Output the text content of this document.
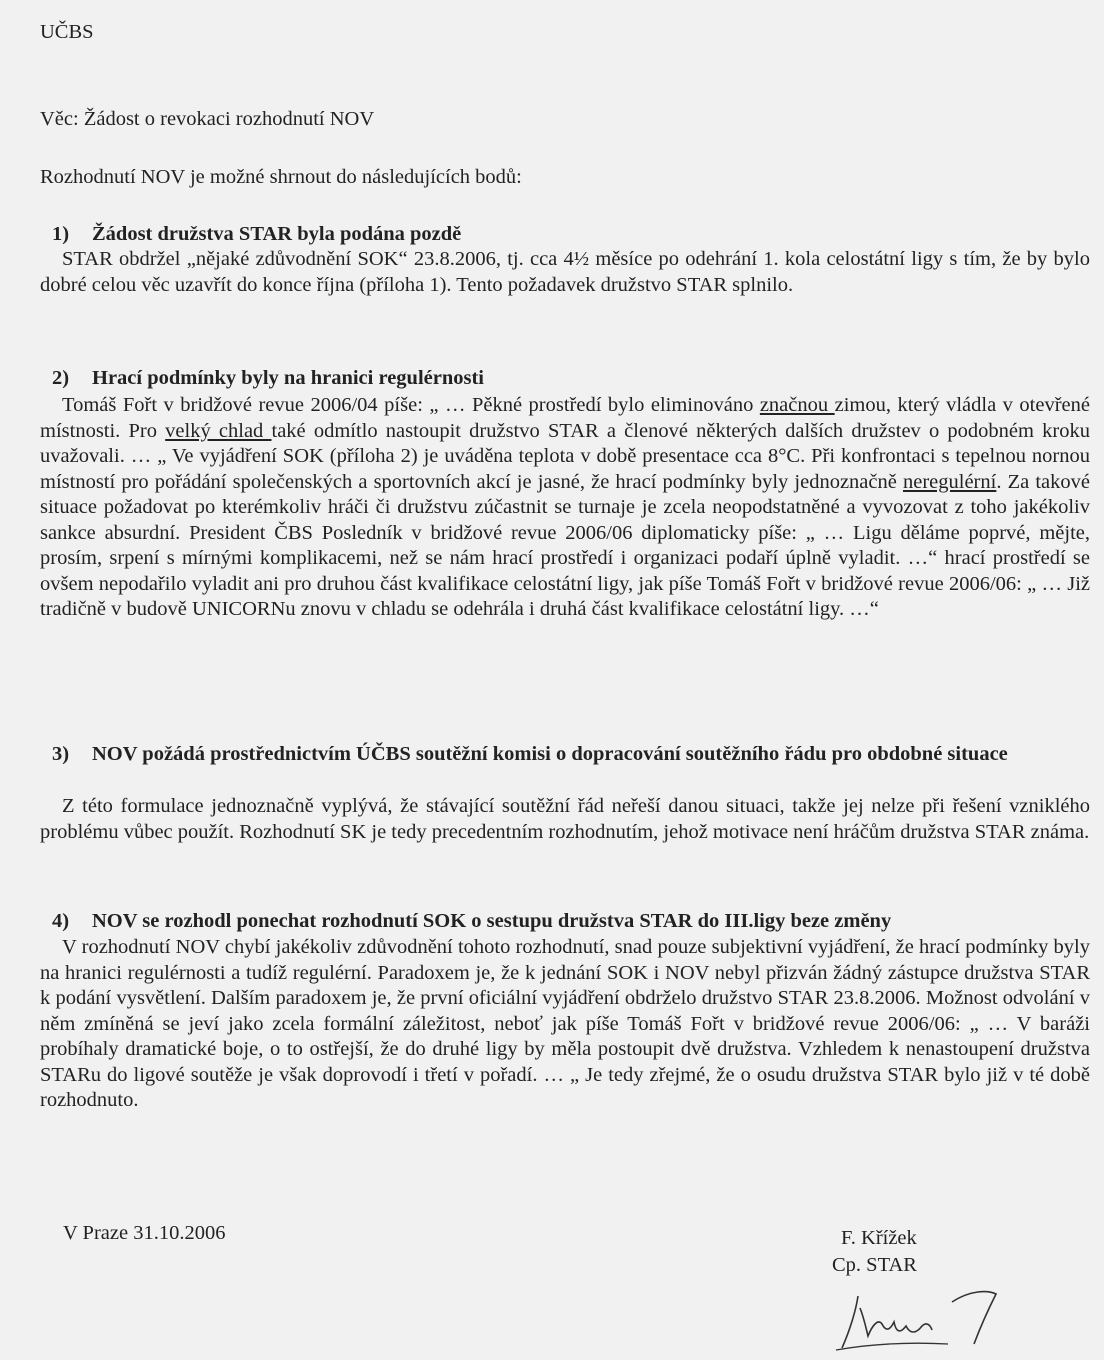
UČBS
Věc: Žádost o revokaci rozhodnutí NOV
Rozhodnutí NOV je možné shrnout do následujících bodů:
1)	Žádost družstva STAR byla podána pozdě
STAR obdržel „nějaké zdůvodnění SOK“ 23.8.2006, tj. cca 4½ měsíce po odehrání 1. kola celostátní ligy s tím, že by bylo dobré celou věc uzavřít do konce října (příloha 1). Tento požadavek družstvo STAR splnilo.
2)	Hrací podmínky byly na hranici regulérnosti
Tomáš Fořt v bridžové revue 2006/04 píše: „ … Pěkné prostředí bylo eliminováno značnou zimou, který vládla v otevřené místnosti. Pro velký chlad také odmítlo nastoupit družstvo STAR a členové některých dalších družstev o podobném kroku uvažovali. … „ Ve vyjádření SOK (příloha 2) je uváděna teplota v době presentace cca 8°C. Při konfrontaci s tepelnou nornou místností pro pořádání společenských a sportovních akcí je jasné, že hrací podmínky byly jednoznačně neregulérní. Za takové situace požadovat po kterémkoliv hráči či družstvu zúčastnit se turnaje je zcela neopodstatněné a vyvozovat z toho jakékoliv sankce absurdní. President ČBS Posledník v bridžové revue 2006/06 diplomaticky píše: „ … Ligu děláme poprvé, mějte, prosím, srpení s mírnými komplikacemi, než se nám hrací prostředí i organizaci podaří úplně vyladit. …“ hrací prostředí se ovšem nepodařilo vyladit ani pro druhou část kvalifikace celostátní ligy, jak píše Tomáš Fořt v bridžové revue 2006/06: „ … Již tradičně v budově UNICORNu znovu v chladu se odehrála i druhá část kvalifikace celostátní ligy. …“
3)	NOV požádá prostřednictvím ÚČBS soutěžní komisi o dopracování soutěžního řádu pro obdobné situace
Z této formulace jednoznačně vyplývá, že stávající soutěžní řád neřeší danou situaci, takže jej nelze při řešení vzniklého problému vůbec použít. Rozhodnutí SK je tedy precedentním rozhodnutím, jehož motivace není hráčům družstva STAR známa.
4)	NOV se rozhodl ponechat rozhodnutí SOK o sestupu družstva STAR do III.ligy beze změny
V rozhodnutí NOV chybí jakékoliv zdůvodnění tohoto rozhodnutí, snad pouze subjektivní vyjádření, že hrací podmínky byly na hranici regulérnosti a tudíž regulérní. Paradoxem je, že k jednání SOK i NOV nebyl přizván žádný zástupce družstva STAR k podání vysvětlení. Dalším paradoxem je, že první oficiální vyjádření obdrželo družstvo STAR 23.8.2006. Možnost odvolání v něm zmíněná se jeví jako zcela formální záležitost, neboť jak píše Tomáš Fořt v bridžové revue 2006/06: „ … V baráži probíhaly dramatické boje, o to ostřejší, že do druhé ligy by měla postoupit dvě družstva. Vzhledem k nenastoupení družstva STARu do ligové soutěže je však doprovodí i třetí v pořadí. … „ Je tedy zřejmé, že o osudu družstva STAR bylo již v té době rozhodnuto.
V Praze 31.10.2006	F. Křížek
Cp. STAR
